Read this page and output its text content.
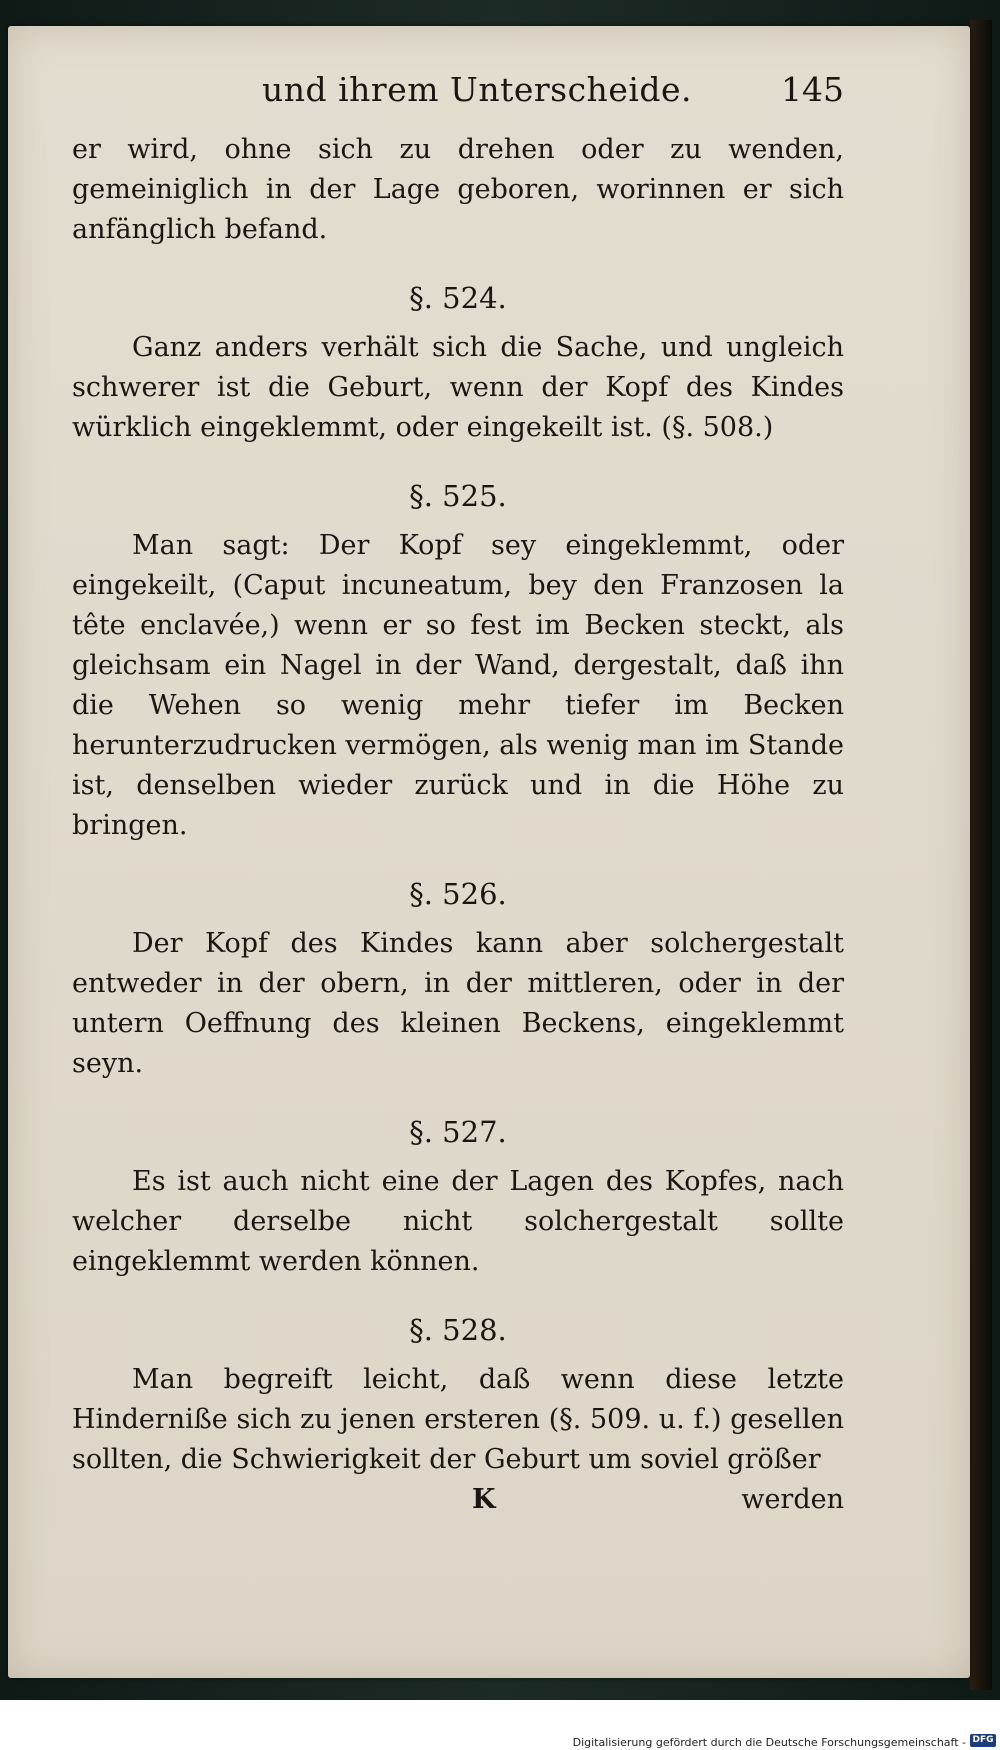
und ihrem Unterscheide.	145

er wird, ohne sich zu drehen oder zu wenden, gemeiniglich in der Lage geboren, worinnen er sich anfänglich befand.

§. 524.

Ganz anders verhält sich die Sache, und ungleich schwerer ist die Geburt, wenn der Kopf des Kindes würklich eingeklemmt, oder eingekeilt ist. (§. 508.)

§. 525.

Man sagt: Der Kopf sey eingeklemmt, oder eingekeilt, (Caput incuneatum, bey den Franzosen la tête enclavée,) wenn er so fest im Becken steckt, als gleichsam ein Nagel in der Wand, dergestalt, daß ihn die Wehen so wenig mehr tiefer im Becken herunterzudrucken vermögen, als wenig man im Stande ist, denselben wieder zurück und in die Höhe zu bringen.

§. 526.

Der Kopf des Kindes kann aber solchergestalt entweder in der obern, in der mittleren, oder in der untern Oeffnung des kleinen Beckens, eingeklemmt seyn.

§. 527.

Es ist auch nicht eine der Lagen des Kopfes, nach welcher derselbe nicht solchergestalt sollte eingeklemmt werden können.

§. 528.

Man begreift leicht, daß wenn diese letzte Hinderniße sich zu jenen ersteren (§. 509. u. f.) gesellen sollten, die Schwierigkeit der Geburt um soviel größer

K	werden
Digitalisierung gefördert durch die Deutsche Forschungsgemeinschaft - DFG
